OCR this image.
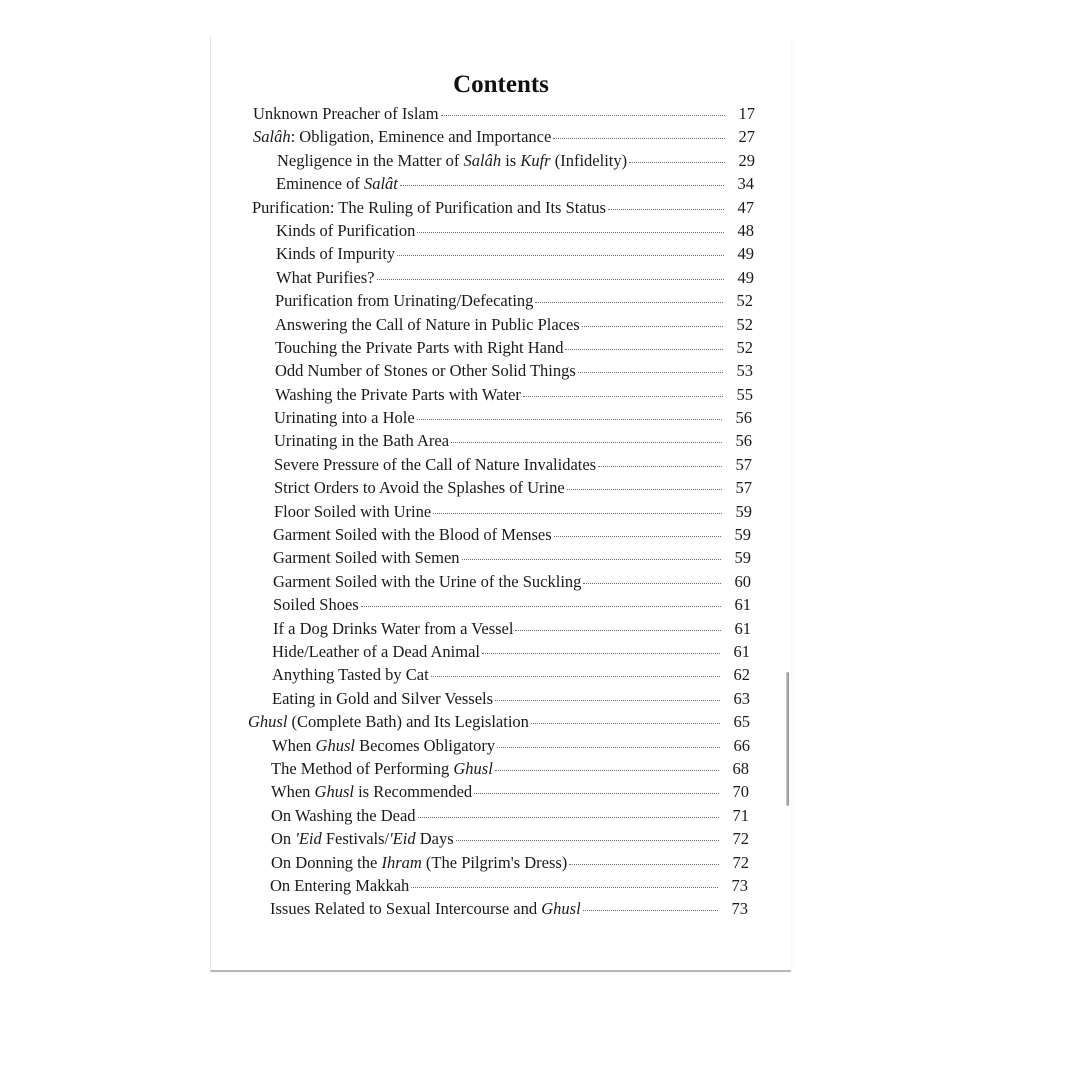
Contents
Unknown Preacher of Islam	17
Salâh: Obligation, Eminence and Importance	27
Negligence in the Matter of Salâh is Kufr (Infidelity)	29
Eminence of Salât	34
Purification: The Ruling of Purification and Its Status	47
Kinds of Purification	48
Kinds of Impurity	49
What Purifies?	49
Purification from Urinating/Defecating	52
Answering the Call of Nature in Public Places	52
Touching the Private Parts with Right Hand	52
Odd Number of Stones or Other Solid Things	53
Washing the Private Parts with Water	55
Urinating into a Hole	56
Urinating in the Bath Area	56
Severe Pressure of the Call of Nature Invalidates	57
Strict Orders to Avoid the Splashes of Urine	57
Floor Soiled with Urine	59
Garment Soiled with the Blood of Menses	59
Garment Soiled with Semen	59
Garment Soiled with the Urine of the Suckling	60
Soiled Shoes	61
If a Dog Drinks Water from a Vessel	61
Hide/Leather of a Dead Animal	61
Anything Tasted by Cat	62
Eating in Gold and Silver Vessels	63
Ghusl (Complete Bath) and Its Legislation	65
When Ghusl Becomes Obligatory	66
The Method of Performing Ghusl	68
When Ghusl is Recommended	70
On Washing the Dead	71
On 'Eid Festivals/'Eid Days	72
On Donning the Ihram (The Pilgrim's Dress)	72
On Entering Makkah	73
Issues Related to Sexual Intercourse and Ghusl	73
